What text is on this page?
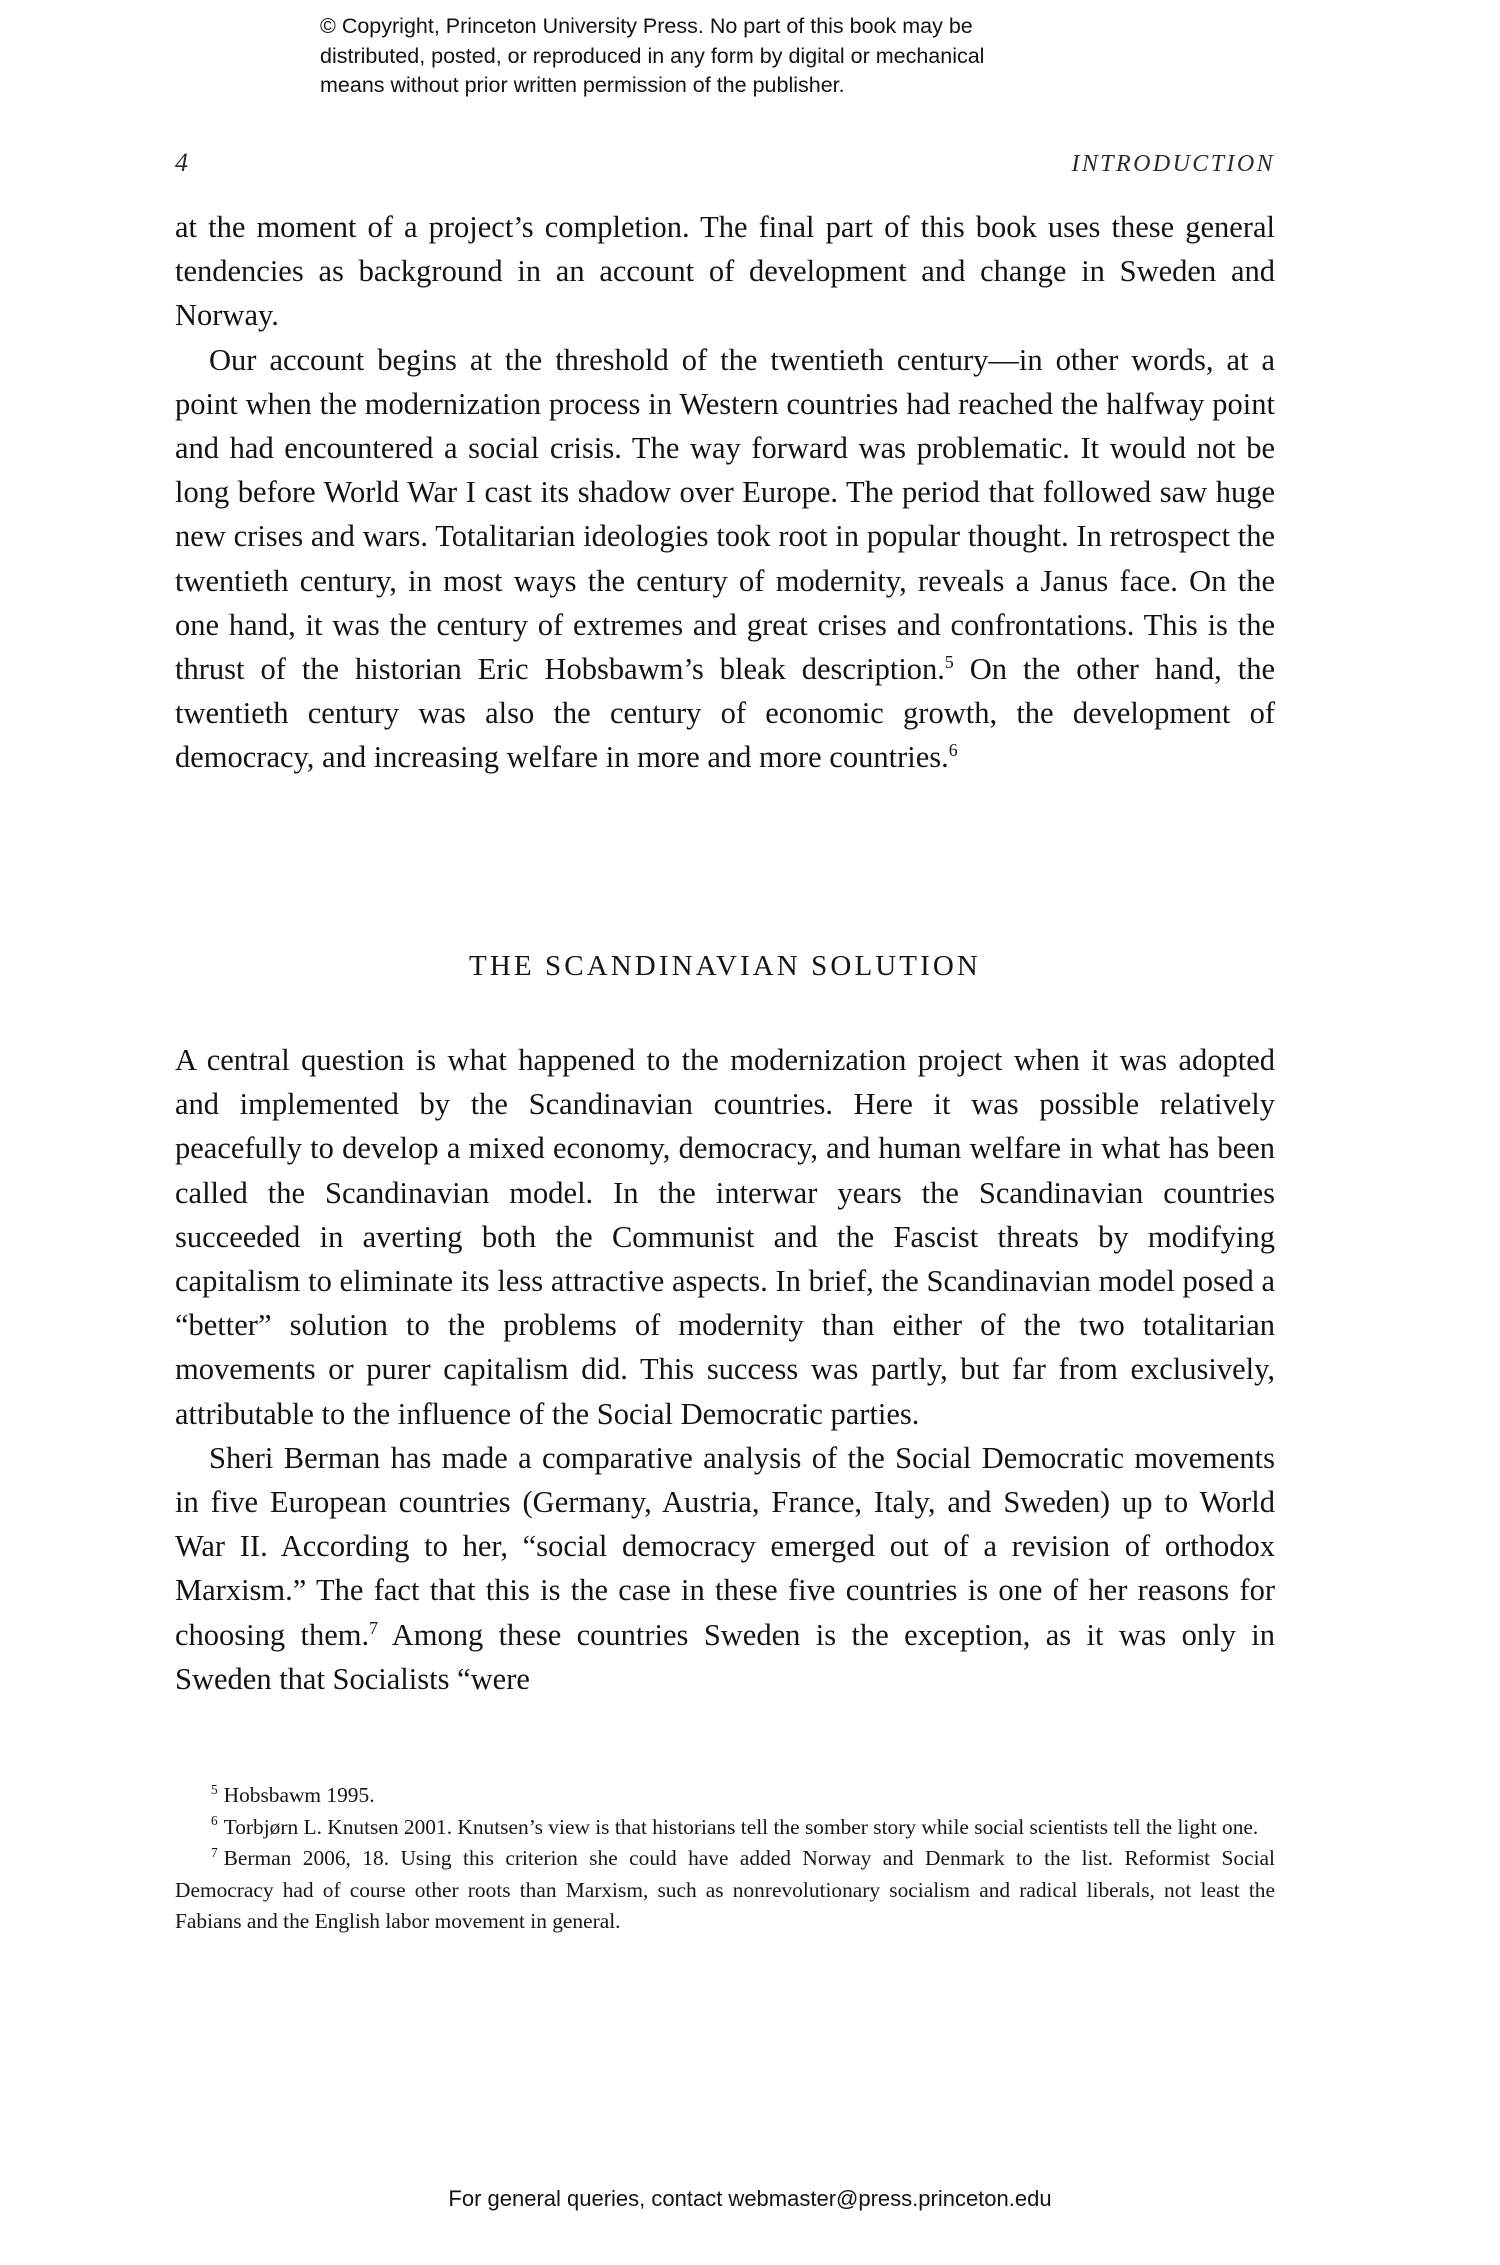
© Copyright, Princeton University Press. No part of this book may be

distributed, posted, or reproduced in any form by digital or mechanical

means without prior written permission of the publisher.

4	INTRODUCTION

at the moment of a project’s completion. The final part of this book uses these general tendencies as background in an account of development and change in Sweden and Norway.

Our account begins at the threshold of the twentieth century—in other words, at a point when the modernization process in Western countries had reached the halfway point and had encountered a social crisis. The way forward was problematic. It would not be long before World War I cast its shadow over Europe. The period that followed saw huge new crises and wars. Totalitarian ideologies took root in popular thought. In retrospect the twentieth century, in most ways the century of modernity, reveals a Janus face. On the one hand, it was the century of extremes and great crises and confrontations. This is the thrust of the historian Eric Hobsbawm’s bleak description.$^5$ On the other hand, the twentieth century was also the century of economic growth, the development of democracy, and increasing welfare in more and more countries.$^6$

THE SCANDINAVIAN SOLUTION

A central question is what happened to the modernization project when it was adopted and implemented by the Scandinavian countries. Here it was possible relatively peacefully to develop a mixed economy, democracy, and human welfare in what has been called the Scandinavian model. In the interwar years the Scandinavian countries succeeded in averting both the Communist and the Fascist threats by modifying capitalism to eliminate its less attractive aspects. In brief, the Scandinavian model posed a “better” solution to the problems of modernity than either of the two totalitarian movements or purer capitalism did. This success was partly, but far from exclusively, attributable to the influence of the Social Democratic parties.

Sheri Berman has made a comparative analysis of the Social Democratic movements in five European countries (Germany, Austria, France, Italy, and Sweden) up to World War II. According to her, “social democracy emerged out of a revision of orthodox Marxism.” The fact that this is the case in these five countries is one of her reasons for choosing them.$^7$ Among these countries Sweden is the exception, as it was only in Sweden that Socialists “were

$^5$ Hobsbawm 1995.

$^6$ Torbjørn L. Knutsen 2001. Knutsen’s view is that historians tell the somber story while social scientists tell the light one.

$^7$ Berman 2006, 18. Using this criterion she could have added Norway and Denmark to the list. Reformist Social Democracy had of course other roots than Marxism, such as nonrevolutionary socialism and radical liberals, not least the Fabians and the English labor movement in general.

For general queries, contact webmaster@press.princeton.edu
